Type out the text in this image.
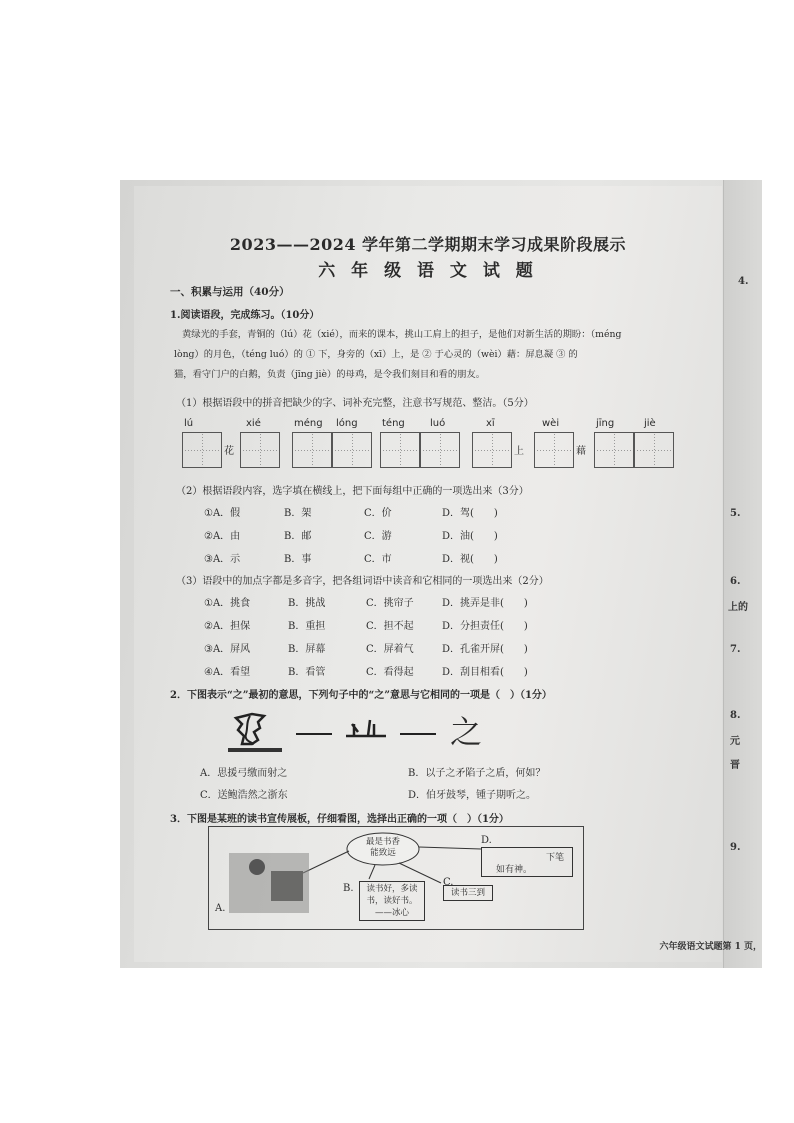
2023——2024 学年第二学期期末学习成果阶段展示
六 年 级 语 文 试 题
一、积累与运用（40分）
1.阅读语段，完成练习。（10分）
黄绿光的手套，青铜的（lú）花（xié），而来的课本，挑山工肩上的担子，是他们对新生活的期盼：（méng
lòng）的月色，（téng luó）的 ① 下，身旁的（xī）上，是 ② 于心灵的（wèi）藉：屏息凝 ③ 的
猫，看守门户的白鹅，负责（jīng jiè）的母鸡，是令我们刻目和看的朋友。
（1）根据语段中的拼音把缺少的字、词补充完整，注意书写规范、整洁。（5分）
lú	xié	méng lóng téng	luó	xī	wèi	jīng	jiè
花	上	藉
（2）根据语段内容，选字填在横线上，把下面每组中正确的一项选出来（3分）
①A．假	B．架	C．价	D．驾(　　)
②A．由	B．邮	C．游	D．油(　　)
③A．示	B．事	C．市	D．视(　　)
（3）语段中的加点字都是多音字，把各组词语中读音和它相同的一项选出来（2分）
①A．挑食	B．挑战	C．挑帘子	D．挑弄是非(　　)
②A．担保	B．重担	C．担不起	D．分担责任(　　)
③A．屏风	B．屏幕	C．屏着气	D．孔雀开屏(　　)
④A．看望	B．看管	C．看得起	D．刮目相看(　　)
2．下图表示“之”最初的意思，下列句子中的“之”意思与它相同的一项是（　）（1分）
之
A．思援弓缴而射之	B．以子之矛陷子之盾，何如？
C．送鲍浩然之浙东	D．伯牙鼓琴，锺子期听之。
3．下图是某班的读书宣传展板，仔细看图，选择出正确的一项（　）（1分）
最是书香
能致远
A.
B.	读书好，多读
书，读好书。
——冰心
C.
读书三到
D.
下笔
如有神。
4.
5.
6.
上的
7.
8.
元
晋
9.
六年级语文试题第 1 页，
